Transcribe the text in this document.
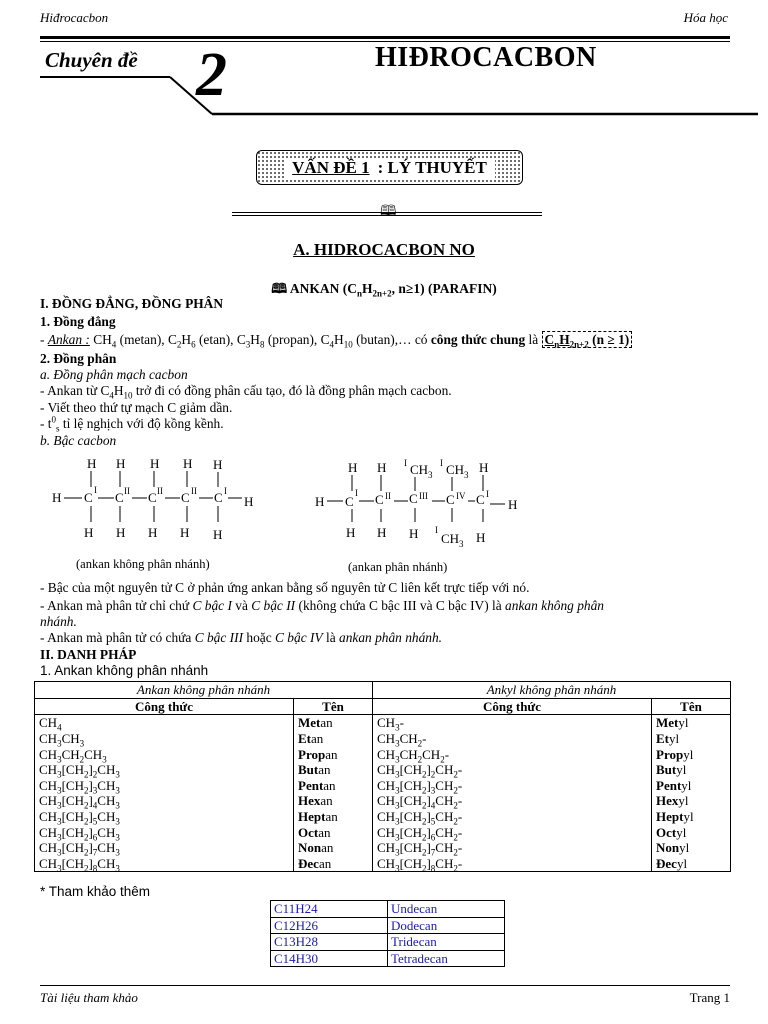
Hiđrocacbon	Hóa học
Chuyên đề 2	HIĐROCACBON
VẤN ĐỀ 1 : LÝ THUYẾT
🕮
A. HIDROCACBON NO
🕮 ANKAN ($C_nH_{2n+2}$, n≥1) (PARAFIN)
I. ĐỒNG ĐẲNG, ĐỒNG PHÂN
1. Đồng đẳng
- Ankan : $CH_4$ (metan), $C_2H_6$ (etan), $C_3H_8$ (propan), $C_4H_{10}$ (butan),… có công thức chung là $C_nH_{2n+2}$ (n ≥ 1)
2. Đồng phân
a. Đồng phân mạch cacbon
- Ankan từ $C_4H_{10}$ trở đi có đồng phân cấu tạo, đó là đồng phân mạch cacbon.
- Viết theo thứ tự mạch C giảm dần.
- $t^0_s$ tỉ lệ nghịch với độ kồng kềnh.
b. Bậc cacbon
H C I C II C II C II C I
H
H H H H H
H H H H H
(ankan không phân nhánh)
H C
I C II C III C IV C I
H
H H I CH 3
I CH 3 H
H H H I
CH 3 H
(ankan phân nhánh)
- Bậc của một nguyên tử C ở phản ứng ankan bằng số nguyên tử C liên kết trực tiếp với nó.
- Ankan mà phân tử chỉ chứ C bậc I và C bậc II (không chứa C bậc III và C bậc IV) là ankan không phân
nhánh.
- Ankan mà phân tử có chứa C bậc III hoặc C bậc IV là ankan phân nhánh.
II. DANH PHÁP
1. Ankan không phân nhánh
Ankan không phân nhánh		Ankyl không phân nhánh	
Công thức	Tên	Công thức	Tên
$CH_4$	Metan	$CH_3-$	Metyl
$CH_3CH_3$	Etan	$CH_3CH_2-$	Etyl
$CH_3CH_2CH_3$	Propan	$CH_3CH_2CH_2-$	Propyl
$CH_3[CH_2]_2CH_3$	Butan	$CH_3[CH_2]_2CH_2-$	Butyl
$CH_3[CH_2]_3CH_3$	Pentan	$CH_3[CH_2]_3CH_2-$	Pentyl
$CH_3[CH_2]_4CH_3$	Hexan	$CH_3[CH_2]_4CH_2-$	Hexyl
$CH_3[CH_2]_5CH_3$	Heptan	$CH_3[CH_2]_5CH_2-$	Heptyl
$CH_3[CH_2]_6CH_3$	Octan	$CH_3[CH_2]_6CH_2-$	Octyl
$CH_3[CH_2]_7CH_3$	Nonan	$CH_3[CH_2]_7CH_2-$	Nonyl
$CH_3[CH_2]_8CH_3$	Đecan	$CH_3[CH_2]_8CH_2-$	Đecyl
* Tham khảo thêm
C11H24	Undecan
C12H26	Dodecan
C13H28	Tridecan
C14H30	Tetradecan
Tài liệu tham khảo	Trang 1
